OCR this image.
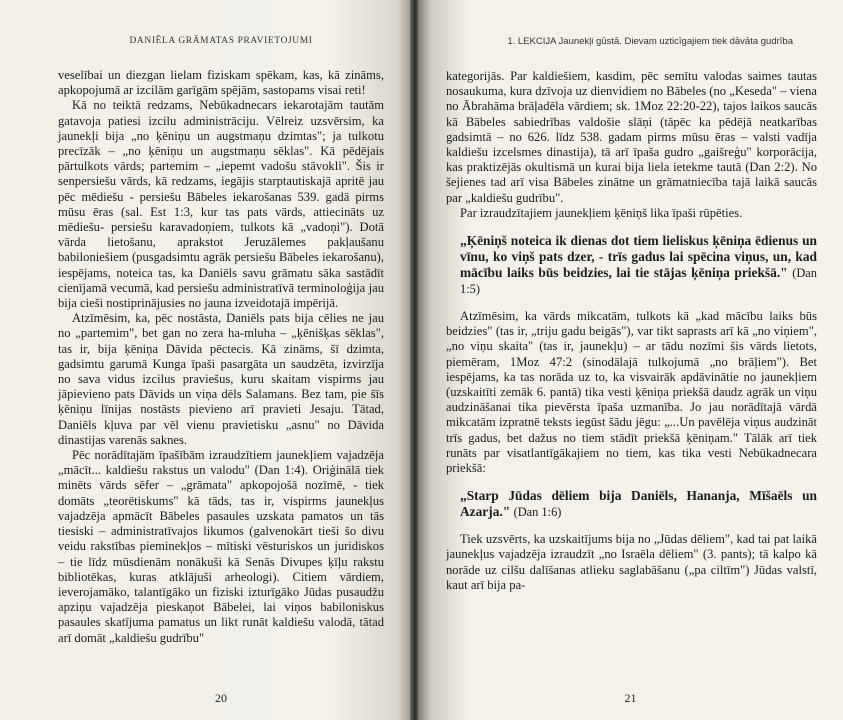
DANIĒLA GRĀMATAS PRAVIETOJUMI

veselībai un diezgan lielam fiziskam spēkam, kas, kā zināms, apkopojumā ar izcilām garīgām spējām, sastopams visai reti!

Kā no teiktā redzams, Nebūkadnecars iekarotajām tautām gatavoja patiesi izcilu administrāciju. Vēlreiz uzsvērsim, ka jaunekļi bija „no ķēniņu un augstmaņu dzimtas"; ja tulkotu precīzāk – „no ķēniņu un augstmaņu sēklas". Kā pēdējais pārtulkots vārds; partemim – „iepemt vadošu stāvokli". Šis ir senpersiešu vārds, kā redzams, iegājis starptautiskajā apritē jau pēc mēdiešu - persiešu Bābeles iekarošanas 539. gadā pirms mūsu ēras (sal. Est 1:3, kur tas pats vārds, attiecināts uz mēdiešu- persiešu karavadoņiem, tulkots kā „vadoņi"). Dotā vārda lietošanu, aprakstot Jeruzālemes pakļaušanu babiloniešiem (pusgadsimtu agrāk persiešu Bābeles iekarošanu), iespējams, noteica tas, ka Daniēls savu grāmatu sāka sastādīt cienījamā vecumā, kad persiešu administratīvā terminoloģija jau bija cieši nostiprinājusies no jauna izveidotajā impērijā.

Atzīmēsim, ka, pēc nostāsta, Daniēls pats bija cēlies ne jau no „partemim", bet gan no zera ha-mluha – „ķēnišķas sēklas", tas ir, bija ķēniņa Dāvida pēctecis. Kā zināms, šī dzimta, gadsimtu garumā Kunga īpaši pasargāta un saudzēta, izvirzīja no sava vidus izcilus praviešus, kuru skaitam vispirms jau jāpievieno pats Dāvids un viņa dēls Salamans. Bez tam, pie šīs ķēniņu līnijas nostāsts pievieno arī pravieti Jesaju. Tātad, Daniēls kļuva par vēl vienu pravietisku „asnu" no Dāvida dinastijas varenās saknes.

Pēc norādītajām īpašībām izraudzītiem jaunekļiem vajadzēja „mācīt... kaldiešu rakstus un valodu" (Dan 1:4). Oriģinālā tiek minēts vārds sēfer – „grāmata" apkopojošā nozīmē, - tiek domāts „teorētiskums" kā tāds, tas ir, vispirms jaunekļus vajadzēja apmācīt Bābeles pasaules uzskata pamatos un tās tiesiski – administratīvajos likumos (galvenokārt tieši šo divu veidu rakstības pieminekļos – mītiski vēsturiskos un juridiskos – tie līdz mūsdienām nonākuši kā Senās Divupes ķīļu rakstu bibliotēkas, kuras atklājuši arheologi). Citiem vārdiem, ieverojamāko, talantīgāko un fiziski izturīgāko Jūdas pusaudžu apziņu vajadzēja pieskaņot Bābelei, lai viņos babiloniskus pasaules skatījuma pamatus un likt runāt kaldiešu valodā, tātad arī domāt „kaldiešu gudrību"

20
1. LEKCIJA Jaunekļi gūstā. Dievam uzticīgajiem tiek dāvāta gudrība

kategorijās. Par kaldiešiem, kasdim, pēc semītu valodas saimes tautas nosaukuma, kura dzīvoja uz dienvidiem no Bābeles (no „Keseda" – viena no Ābrahāma brāļadēla vārdiem; sk. 1Moz 22:20-22), tajos laikos saucās kā Bābeles sabiedrības valdošie slāņi (tāpēc ka pēdējā neatkarības gadsimtā – no 626. līdz 538. gadam pirms mūsu ēras – valsti vadīja kaldiešu izcelsmes dinastija), tā arī īpaša gudro „gaišreģu" korporācija, kas praktizējās okultismā un kurai bija liela ietekme tautā (Dan 2:2). No šejienes tad arī visa Bābeles zinātne un grāmatniecība tajā laikā saucās par „kaldiešu gudrību".

Par izraudzītajiem jaunekļiem ķēniņš lika īpaši rūpēties.

„Ķēniņš noteica ik dienas dot tiem lieliskus ķēniņa ēdienus un vīnu, ko viņš pats dzer, - trīs gadus lai spēcina viņus, un, kad mācību laiks būs beidzies, lai tie stājas ķēniņa priekšā." (Dan 1:5)

Atzīmēsim, ka vārds mikcatām, tulkots kā „kad mācību laiks būs beidzies" (tas ir, „triju gadu beigās"), var tikt saprasts arī kā „no viņiem", „no viņu skaita" (tas ir, jaunekļu) – ar tādu nozīmi šis vārds lietots, piemēram, 1Moz 47:2 (sinodālajā tulkojumā „no brāļiem"). Bet iespējams, ka tas norāda uz to, ka visvairāk apdāvinātie no jaunekļiem (uzskaitīti zemāk 6. pantā) tika vesti ķēniņa priekšā daudz agrāk un viņu audzināšanai tika pievērsta īpaša uzmanība. Jo jau norādītajā vārdā mikcatām izpratnē teksts iegūst šādu jēgu: „...Un pavēlēja viņus audzināt trīs gadus, bet dažus no tiem stādīt priekšā ķēniņam." Tālāk arī tiek runāts par visatlantīgākajiem no tiem, kas tika vesti Nebūkadnecara priekšā:

„Starp Jūdas dēliem bija Daniēls, Hananja, Mīšaēls un Azarja." (Dan 1:6)

Tiek uzsvērts, ka uzskaitījums bija no „Jūdas dēliem", kad tai pat laikā jaunekļus vajadzēja izraudzīt „no Israēla dēliem" (3. pants); tā kalpo kā norāde uz cilšu dalīšanas atlieku saglabāšanu („pa ciltīm") Jūdas valstī, kaut arī bija pa-

21
